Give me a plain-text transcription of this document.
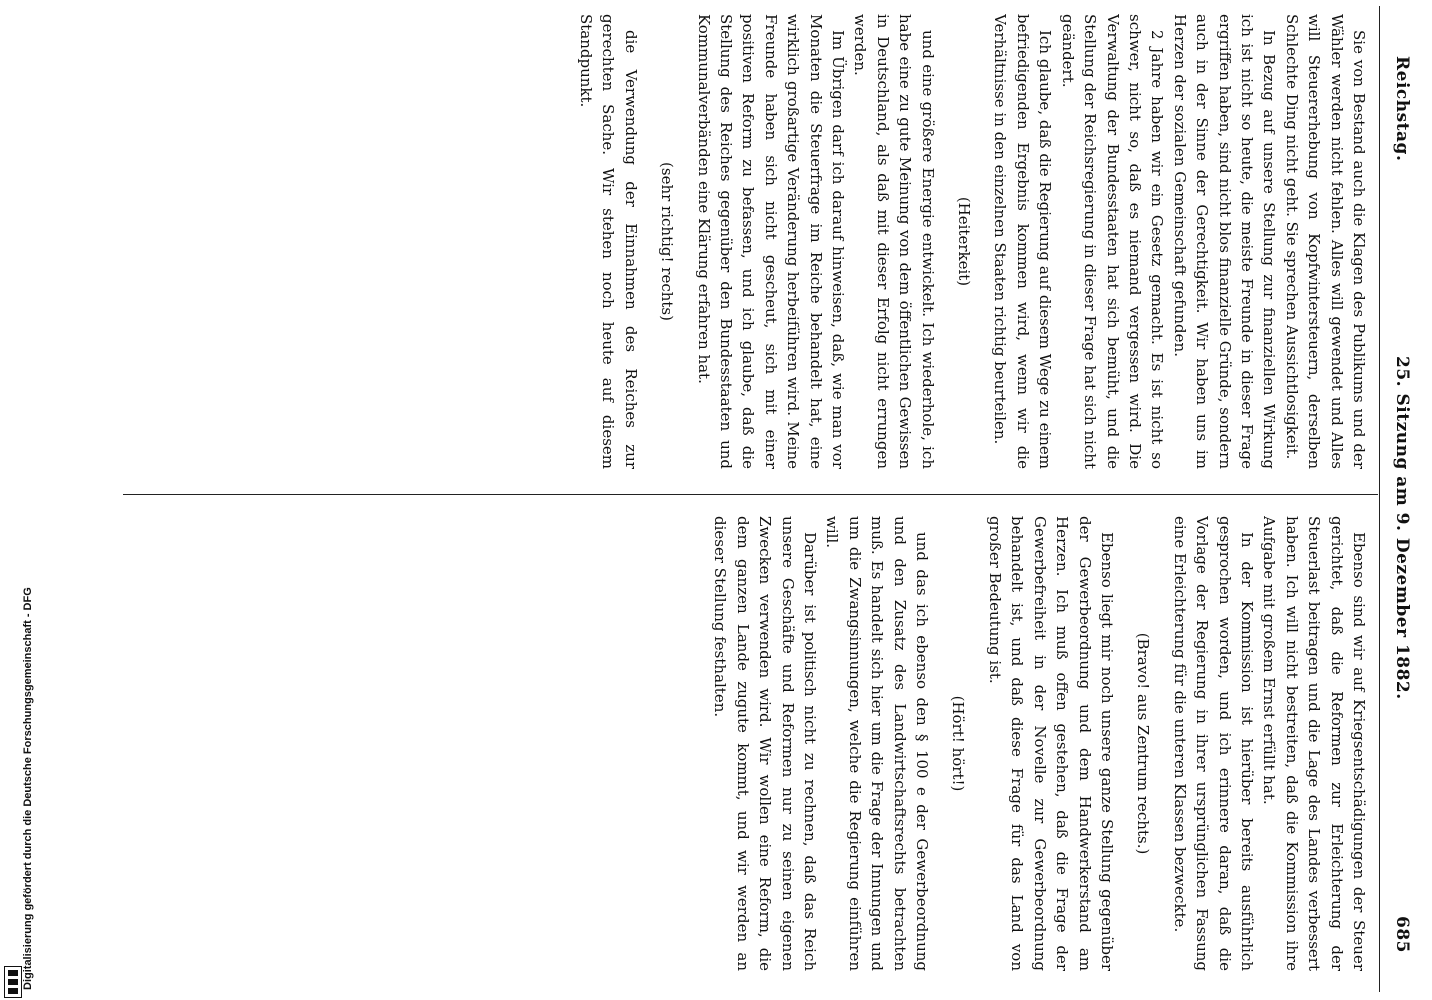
Reichstag.
25. Sitzung am 9. Dezember 1882.
685

Sie von Bestand auch die Klagen des Publikums und der Wähler werden nicht fehlen. Alles will gewendet und Alles will Steuererhebung von Kopfwintersteuern, derselben Schlechte Ding nicht geht. Sie sprechen Aussichtlosigkeit.

In Bezug auf unsere Stellung zur finanziellen Wirkung ich ist nicht so heute, die meiste Freunde in dieser Frage ergriffen haben, sind nicht blos finanzielle Gründe, sondern auch in der Sinne der Gerechtigkeit. Wir haben uns im Herzen der sozialen Gemeinschaft gefunden.

2 Jahre haben wir ein Gesetz gemacht. Es ist nicht so schwer, nicht so, daß es niemand vergessen wird. Die Verwaltung der Bundesstaaten hat sich bemüht, und die Stellung der Reichsregierung in dieser Frage hat sich nicht geändert.

Ich glaube, daß die Regierung auf diesem Wege zu einem befriedigenden Ergebnis kommen wird, wenn wir die Verhältnisse in den einzelnen Staaten richtig beurteilen.

(Heiterkeit)

und eine größere Energie entwickelt. Ich wiederhole, ich habe eine zu gute Meinung von dem öffentlichen Gewissen in Deutschland, als daß mit dieser Erfolg nicht errungen werden.

Im Übrigen darf ich darauf hinweisen, daß, wie man vor Monaten die Steuerfrage im Reiche behandelt hat, eine wirklich großartige Veränderung herbeiführen wird. Meine Freunde haben sich nicht gescheut, sich mit einer positiven Reform zu befassen, und ich glaube, daß die Stellung des Reiches gegenüber den Bundesstaaten und Kommunalverbänden eine Klärung erfahren hat.

(sehr richtig! rechts)

die Verwendung der Einnahmen des Reiches zur gerechten Sache. Wir stehen noch heute auf diesem Standpunkt.

Ebenso sind wir auf Kriegsentschädigungen der Steuer gerichtet, daß die Reformen zur Erleichterung der Steuerlast beitragen und die Lage des Landes verbessert haben. Ich will nicht bestreiten, daß die Kommission ihre Aufgabe mit großem Ernst erfüllt hat.

In der Kommission ist hierüber bereits ausführlich gesprochen worden, und ich erinnere daran, daß die Vorlage der Regierung in ihrer ursprünglichen Fassung eine Erleichterung für die unteren Klassen bezweckte.

(Bravo! aus Zentrum rechts.)

Ebenso liegt mir noch unsere ganze Stellung gegenüber der Gewerbeordnung und dem Handwerkerstand am Herzen. Ich muß offen gestehen, daß die Frage der Gewerbefreiheit in der Novelle zur Gewerbeordnung behandelt ist, und daß diese Frage für das Land von großer Bedeutung ist.

(Hört! hört!)

und das ich ebenso den § 100 e der Gewerbeordnung und den Zusatz des Landwirtschaftsrechts betrachten muß. Es handelt sich hier um die Frage der Innungen und um die Zwangsinnungen, welche die Regierung einführen will.

Darüber ist politisch nicht zu rechnen, daß das Reich unsere Geschäfte und Reformen nur zu seinen eigenen Zwecken verwenden wird. Wir wollen eine Reform, die dem ganzen Lande zugute kommt, und wir werden an dieser Stellung festhalten.

Digitalisierung gefördert durch die Deutsche Forschungsgemeinschaft - DFG
